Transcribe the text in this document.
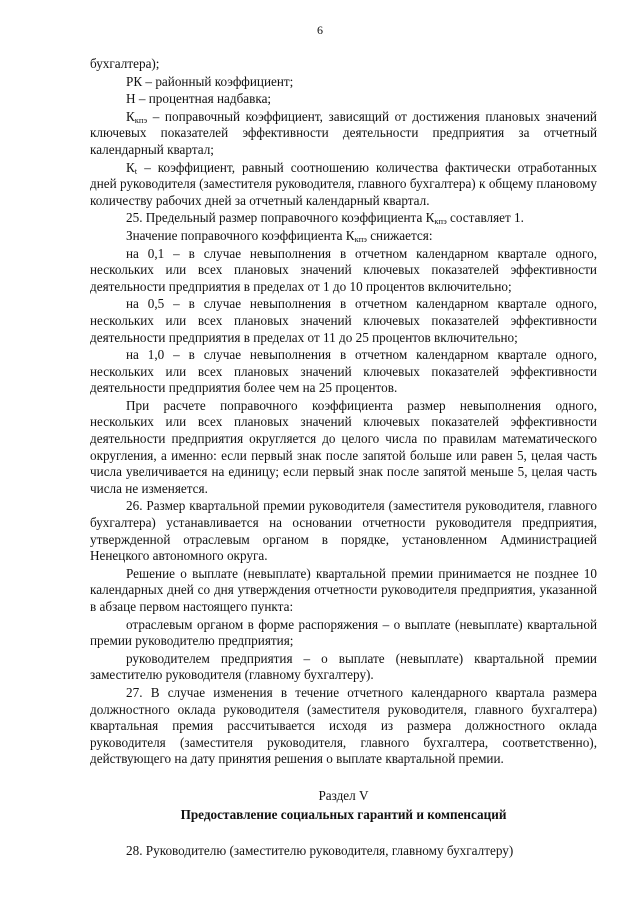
6

бухгалтера);

РК – районный коэффициент;

Н – процентная надбавка;

$К_{кпэ}$ – поправочный коэффициент, зависящий от достижения плановых значений ключевых показателей эффективности деятельности предприятия за отчетный календарный квартал;

$К_t$ – коэффициент, равный соотношению количества фактически отработанных дней руководителя (заместителя руководителя, главного бухгалтера) к общему плановому количеству рабочих дней за отчетный календарный квартал.

25. Предельный размер поправочного коэффициента $К_{кпэ}$ составляет 1.

Значение поправочного коэффициента $К_{кпэ}$ снижается:

на 0,1 – в случае невыполнения в отчетном календарном квартале одного, нескольких или всех плановых значений ключевых показателей эффективности деятельности предприятия в пределах от 1 до 10 процентов включительно;

на 0,5 – в случае невыполнения в отчетном календарном квартале одного, нескольких или всех плановых значений ключевых показателей эффективности деятельности предприятия в пределах от 11 до 25 процентов включительно;

на 1,0 – в случае невыполнения в отчетном календарном квартале одного, нескольких или всех плановых значений ключевых показателей эффективности деятельности предприятия более чем на 25 процентов.

При расчете поправочного коэффициента размер невыполнения одного, нескольких или всех плановых значений ключевых показателей эффективности деятельности предприятия округляется до целого числа по правилам математического округления, а именно: если первый знак после запятой больше или равен 5, целая часть числа увеличивается на единицу; если первый знак после запятой меньше 5, целая часть числа не изменяется.

26. Размер квартальной премии руководителя (заместителя руководителя, главного бухгалтера) устанавливается на основании отчетности руководителя предприятия, утвержденной отраслевым органом в порядке, установленном Администрацией Ненецкого автономного округа.

Решение о выплате (невыплате) квартальной премии принимается не позднее 10 календарных дней со дня утверждения отчетности руководителя предприятия, указанной в абзаце первом настоящего пункта:

отраслевым органом в форме распоряжения – о выплате (невыплате) квартальной премии руководителю предприятия;

руководителем предприятия – о выплате (невыплате) квартальной премии заместителю руководителя (главному бухгалтеру).

27. В случае изменения в течение отчетного календарного квартала размера должностного оклада руководителя (заместителя руководителя, главного бухгалтера) квартальная премия рассчитывается исходя из размера должностного оклада руководителя (заместителя руководителя, главного бухгалтера, соответственно), действующего на дату принятия решения о выплате квартальной премии.

Раздел V
Предоставление социальных гарантий и компенсаций

28. Руководителю (заместителю руководителя, главному бухгалтеру)
